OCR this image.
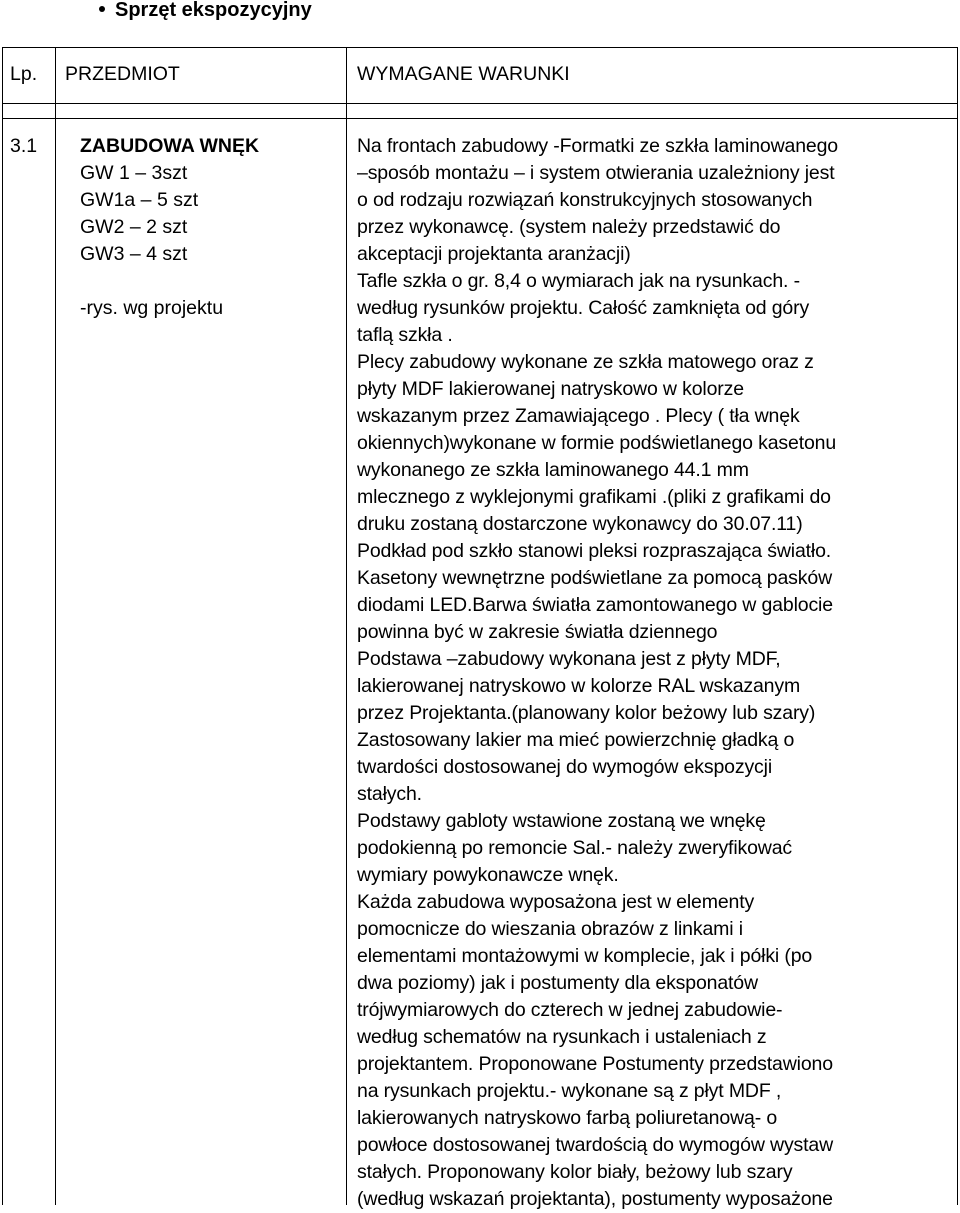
Sprzęt ekspozycyjny
Lp. PRZEDMIOT	WYMAGANE WARUNKI
3.1 ZABUDOWA WNĘK
GW 1 – 3szt
GW1a – 5 szt
GW2 – 2 szt
GW3 – 4 szt
-rys. wg projektu
Na frontach zabudowy -Formatki ze szkła laminowanego
–sposób montażu – i system otwierania uzależniony jest
o od rodzaju rozwiązań konstrukcyjnych stosowanych
przez wykonawcę. (system należy przedstawić do
akceptacji projektanta aranżacji)
Tafle szkła o gr. 8,4 o wymiarach jak na rysunkach. -
według rysunków projektu. Całość zamknięta od góry
taflą szkła .
Plecy zabudowy wykonane ze szkła matowego oraz z
płyty MDF lakierowanej natryskowo w kolorze
wskazanym przez Zamawiającego . Plecy ( tła wnęk
okiennych)wykonane w formie podświetlanego kasetonu
wykonanego ze szkła laminowanego 44.1 mm
mlecznego z wyklejonymi grafikami .(pliki z grafikami do
druku zostaną dostarczone wykonawcy do 30.07.11)
Podkład pod szkło stanowi pleksi rozpraszająca światło.
Kasetony wewnętrzne podświetlane za pomocą pasków
diodami LED.Barwa światła zamontowanego w gablocie
powinna być w zakresie światła dziennego
Podstawa –zabudowy wykonana jest z płyty MDF,
lakierowanej natryskowo w kolorze RAL wskazanym
przez Projektanta.(planowany kolor beżowy lub szary)
Zastosowany lakier ma mieć powierzchnię gładką o
twardości dostosowanej do wymogów ekspozycji
stałych.
Podstawy gabloty wstawione zostaną we wnękę
podokienną po remoncie Sal.- należy zweryfikować
wymiary powykonawcze wnęk.
Każda zabudowa wyposażona jest w elementy
pomocnicze do wieszania obrazów z linkami i
elementami montażowymi w komplecie, jak i półki (po
dwa poziomy) jak i postumenty dla eksponatów
trójwymiarowych do czterech w jednej zabudowie-
według schematów na rysunkach i ustaleniach z
projektantem. Proponowane Postumenty przedstawiono
na rysunkach projektu.- wykonane są z płyt MDF ,
lakierowanych natryskowo farbą poliuretanową- o
powłoce dostosowanej twardością do wymogów wystaw
stałych. Proponowany kolor biały, beżowy lub szary
(według wskazań projektanta), postumenty wyposażone
